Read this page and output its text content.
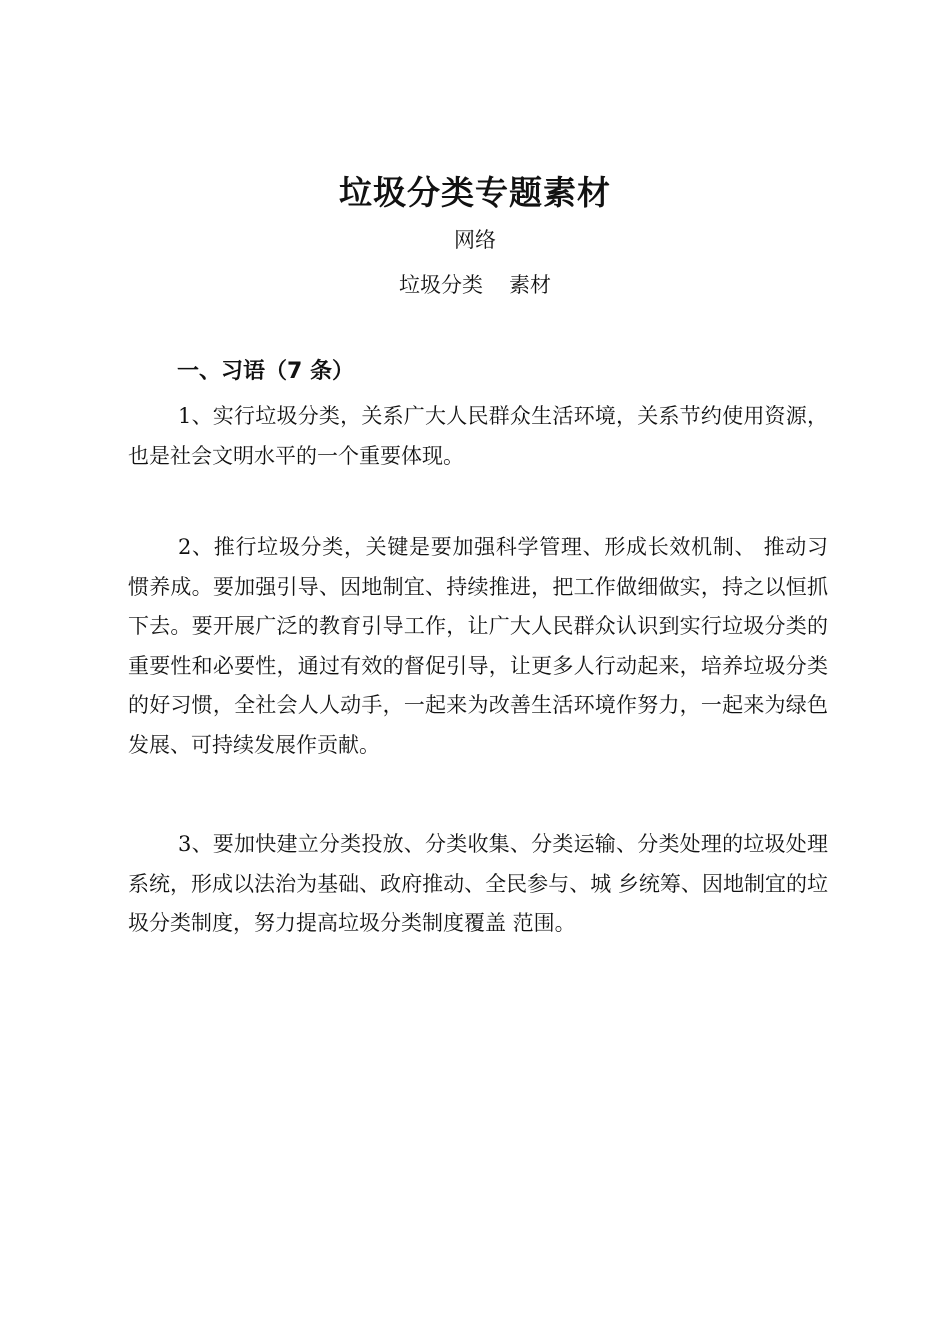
垃圾分类专题素材
网络
垃圾分类 素材
一、习语（7 条）

1、实行垃圾分类，关系广大人民群众生活环境，关系节约使用资源，也是社会文明水平的一个重要体现。

2、推行垃圾分类，关键是要加强科学管理、形成长效机制、 推动习惯养成。要加强引导、因地制宜、持续推进，把工作做细做实，持之以恒抓下去。要开展广泛的教育引导工作，让广大人民群众认识到实行垃圾分类的重要性和必要性，通过有效的督促引导，让更多人行动起来，培养垃圾分类的好习惯，全社会人人动手，一起来为改善生活环境作努力，一起来为绿色发展、可持续发展作贡献。

3、要加快建立分类投放、分类收集、分类运输、分类处理的垃圾处理系统，形成以法治为基础、政府推动、全民参与、城 乡统筹、因地制宜的垃圾分类制度，努力提高垃圾分类制度覆盖 范围。
